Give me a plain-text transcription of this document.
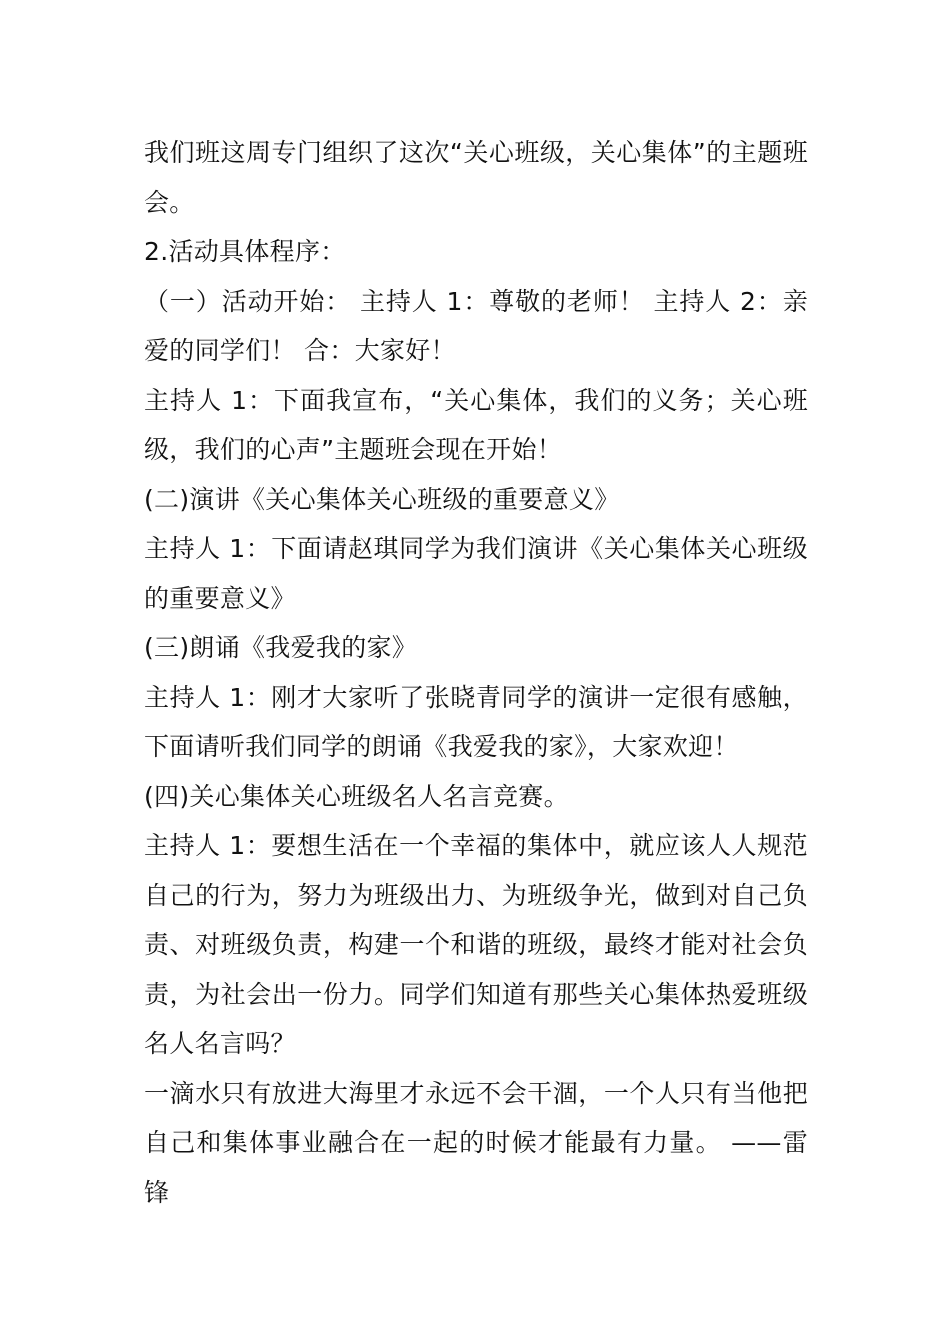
我们班这周专门组织了这次“关心班级，关心集体”的主题班会。

2.活动具体程序：

（一）活动开始： 主持人 1：尊敬的老师！ 主持人 2：亲爱的同学们！ 合：大家好！

主持人 1：下面我宣布，“关心集体，我们的义务；关心班级，我们的心声”主题班会现在开始！

(二)演讲《关心集体关心班级的重要意义》

主持人 1：下面请赵琪同学为我们演讲《关心集体关心班级的重要意义》

(三)朗诵《我爱我的家》

主持人 1：刚才大家听了张晓青同学的演讲一定很有感触，下面请听我们同学的朗诵《我爱我的家》，大家欢迎！

(四)关心集体关心班级名人名言竞赛。

主持人 1：要想生活在一个幸福的集体中，就应该人人规范自己的行为，努力为班级出力、为班级争光，做到对自己负责、对班级负责，构建一个和谐的班级，最终才能对社会负责，为社会出一份力。同学们知道有那些关心集体热爱班级名人名言吗？

一滴水只有放进大海里才永远不会干涸，一个人只有当他把自己和集体事业融合在一起的时候才能最有力量。 ——雷锋
